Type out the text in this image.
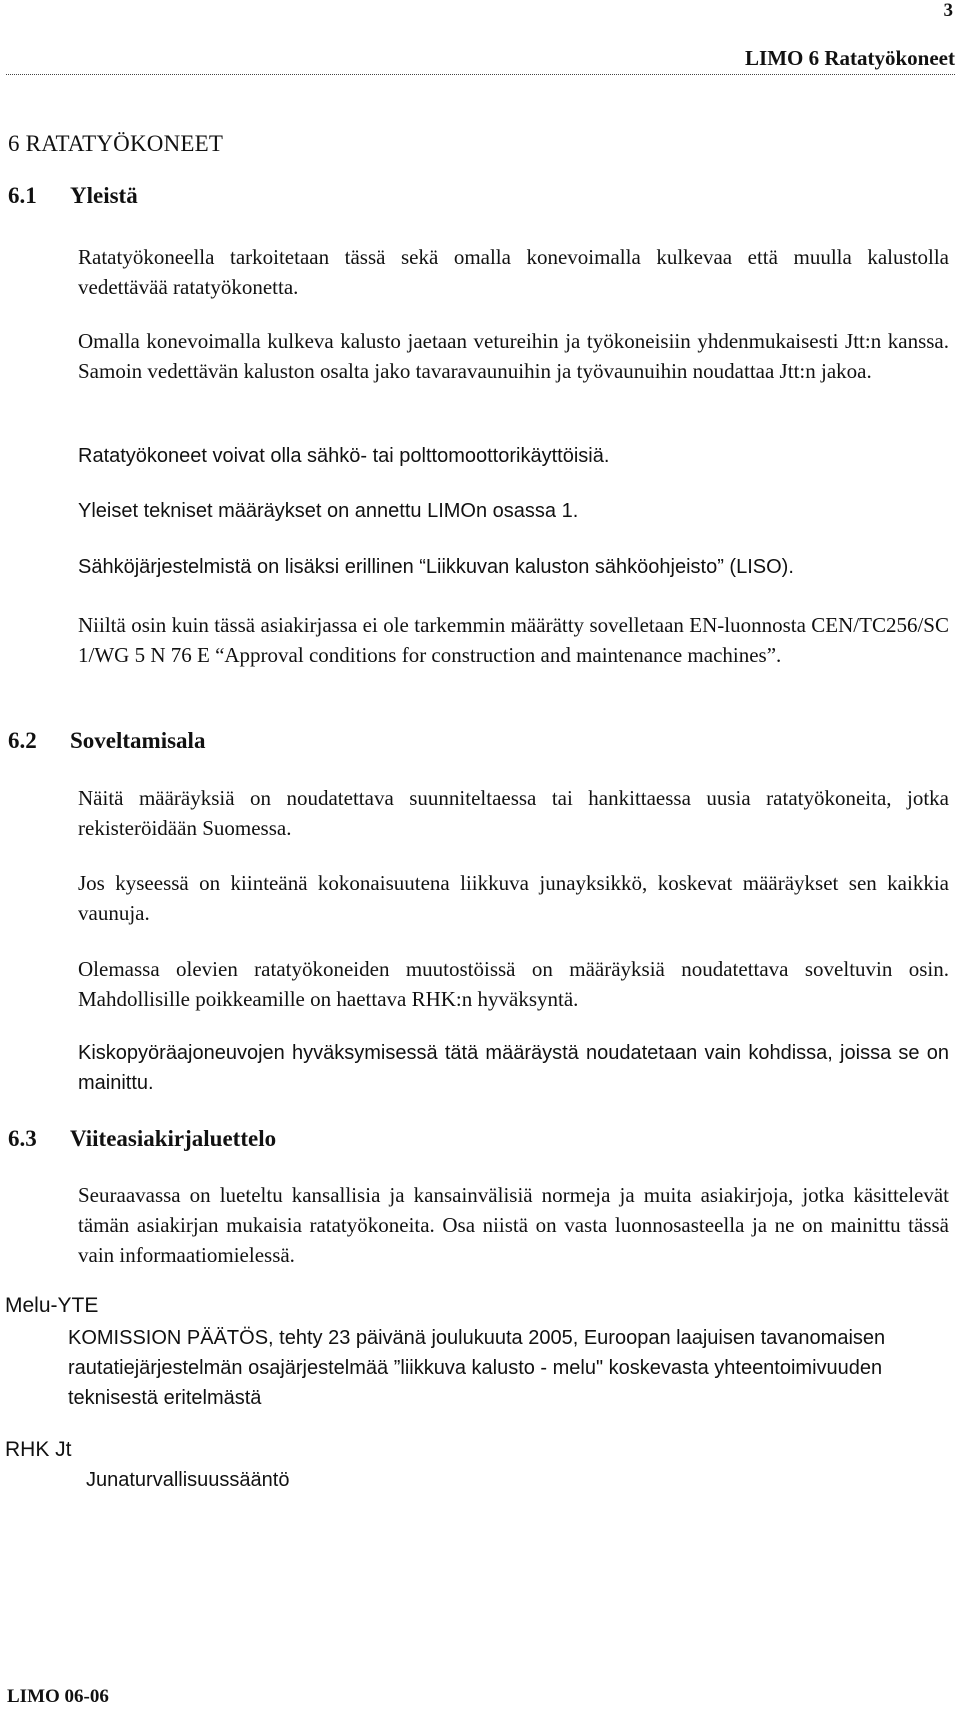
3
LIMO 6 Ratatyökoneet
6 RATATYÖKONEET
6.1 Yleistä
Ratatyökoneella tarkoitetaan tässä sekä omalla konevoimalla kulkevaa että muulla kalustolla vedettävää ratatyökonetta.
Omalla konevoimalla kulkeva kalusto jaetaan vetureihin ja työkoneisiin yhdenmukaisesti Jtt:n kanssa. Samoin vedettävän kaluston osalta jako tavaravaunuihin ja työvaunuihin noudattaa Jtt:n jakoa.
Ratatyökoneet voivat olla sähkö- tai polttomoottorikäyttöisiä.
Yleiset tekniset määräykset on annettu LIMOn osassa 1.
Sähköjärjestelmistä on lisäksi erillinen “Liikkuvan kaluston sähköohjeisto” (LISO).
Niiltä osin kuin tässä asiakirjassa ei ole tarkemmin määrätty sovelletaan EN-luonnosta CEN/TC256/SC 1/WG 5 N 76 E “Approval conditions for construction and maintenance machines”.
6.2 Soveltamisala
Näitä määräyksiä on noudatettava suunniteltaessa tai hankittaessa uusia ratatyökoneita, jotka rekisteröidään Suomessa.
Jos kyseessä on kiinteänä kokonaisuutena liikkuva junayksikkö, koskevat määräykset sen kaikkia vaunuja.
Olemassa olevien ratatyökoneiden muutostöissä on määräyksiä noudatettava soveltuvin osin. Mahdollisille poikkeamille on haettava RHK:n hyväksyntä.
Kiskopyöräajoneuvojen hyväksymisessä tätä määräystä noudatetaan vain kohdissa, joissa se on mainittu.
6.3 Viiteasiakirjaluettelo
Seuraavassa on lueteltu kansallisia ja kansainvälisiä normeja ja muita asiakirjoja, jotka käsittelevät tämän asiakirjan mukaisia ratatyökoneita. Osa niistä on vasta luonnosasteella ja ne on mainittu tässä vain informaatiomielessä.
Melu-YTE
KOMISSION PÄÄTÖS, tehty 23 päivänä joulukuuta 2005, Euroopan laajuisen tavanomaisen rautatiejärjestelmän osajärjestelmää ”liikkuva kalusto - melu" koskevasta yhteentoimivuuden teknisestä eritelmästä
RHK Jt
Junaturvallisuussääntö
LIMO 06-06
